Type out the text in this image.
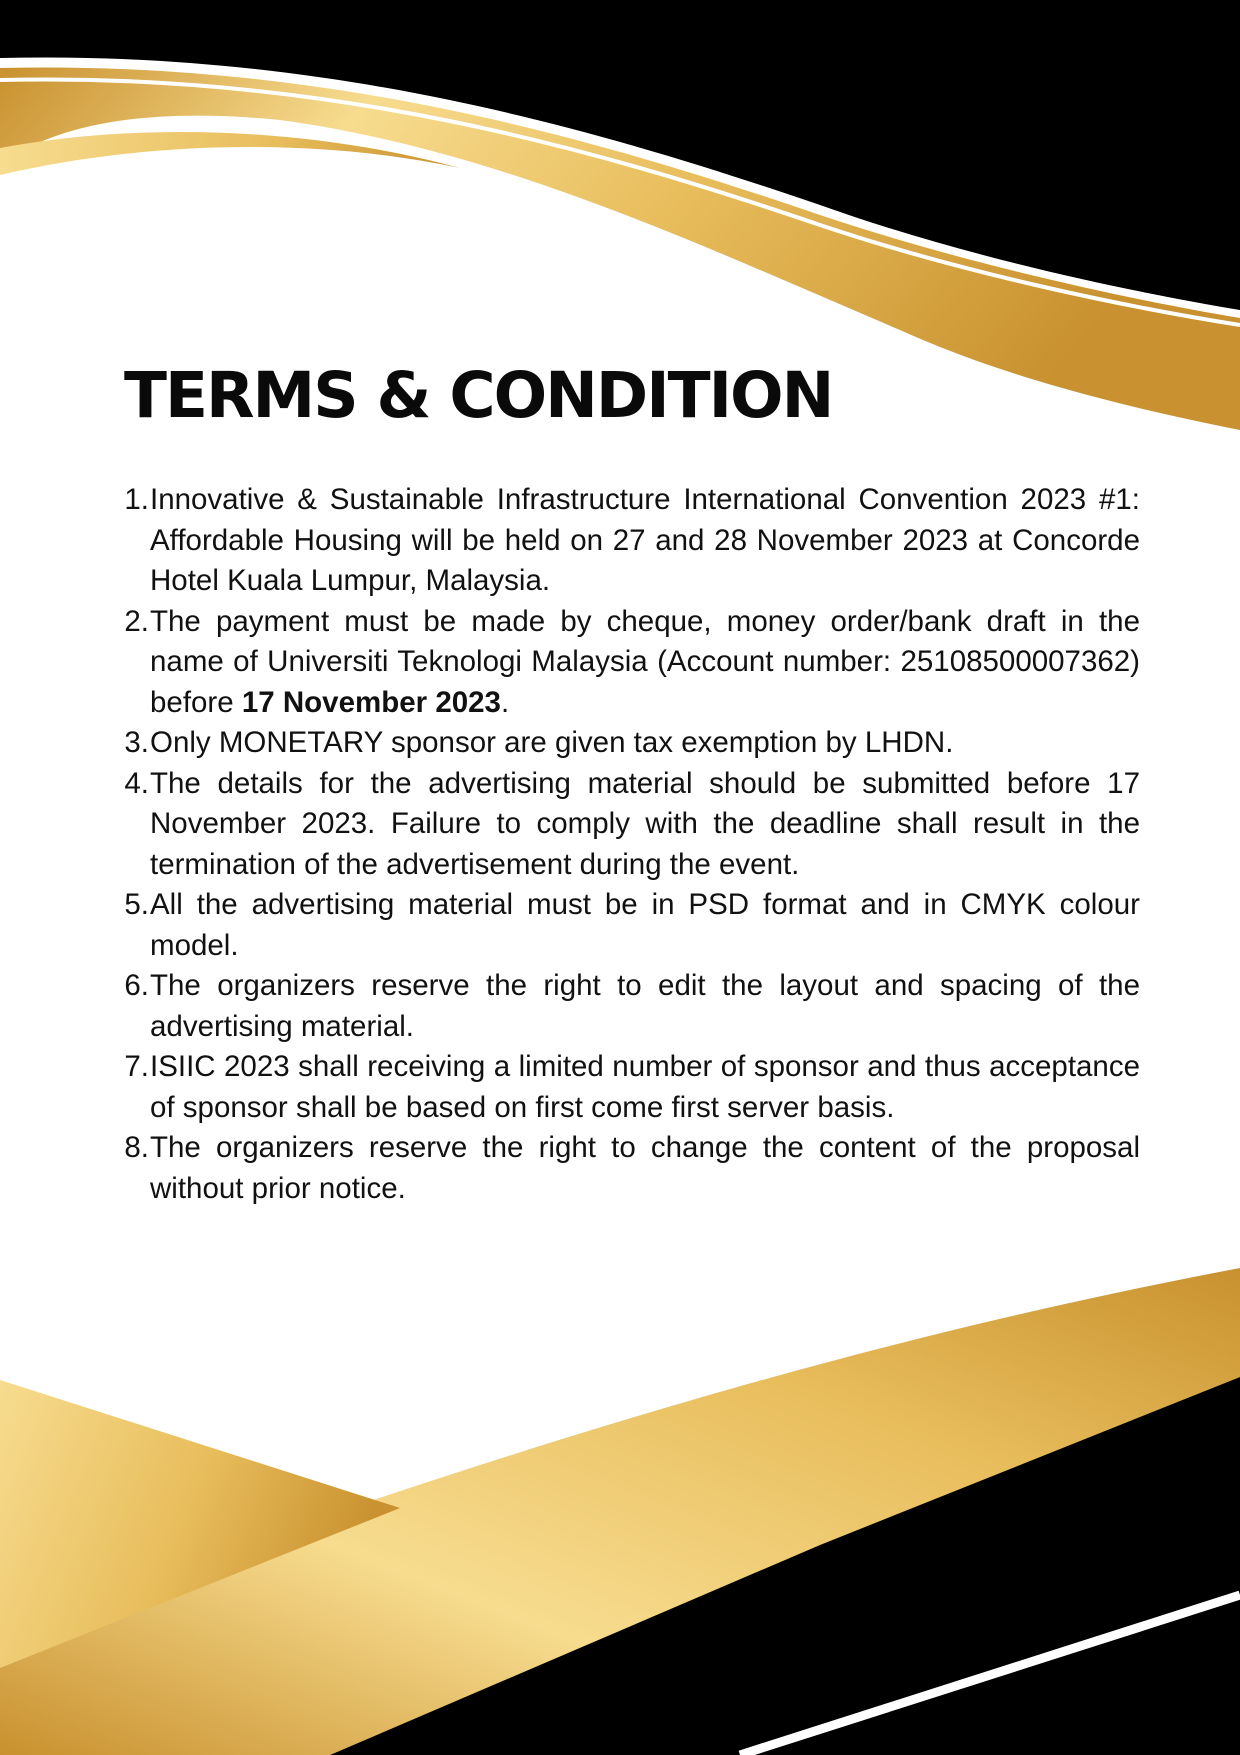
TERMS & CONDITION
1. Innovative & Sustainable Infrastructure International Convention 2023 #1: Affordable Housing will be held on 27 and 28 November 2023 at Concorde Hotel Kuala Lumpur, Malaysia.
2. The payment must be made by cheque, money order/bank draft in the name of Universiti Teknologi Malaysia (Account number: 25108500007362) before 17 November 2023.
3. Only MONETARY sponsor are given tax exemption by LHDN.
4. The details for the advertising material should be submitted before 17 November 2023. Failure to comply with the deadline shall result in the termination of the advertisement during the event.
5. All the advertising material must be in PSD format and in CMYK colour model.
6. The organizers reserve the right to edit the layout and spacing of the advertising material.
7. ISIIC 2023 shall receiving a limited number of sponsor and thus acceptance of sponsor shall be based on first come first server basis.
8. The organizers reserve the right to change the content of the proposal without prior notice.
